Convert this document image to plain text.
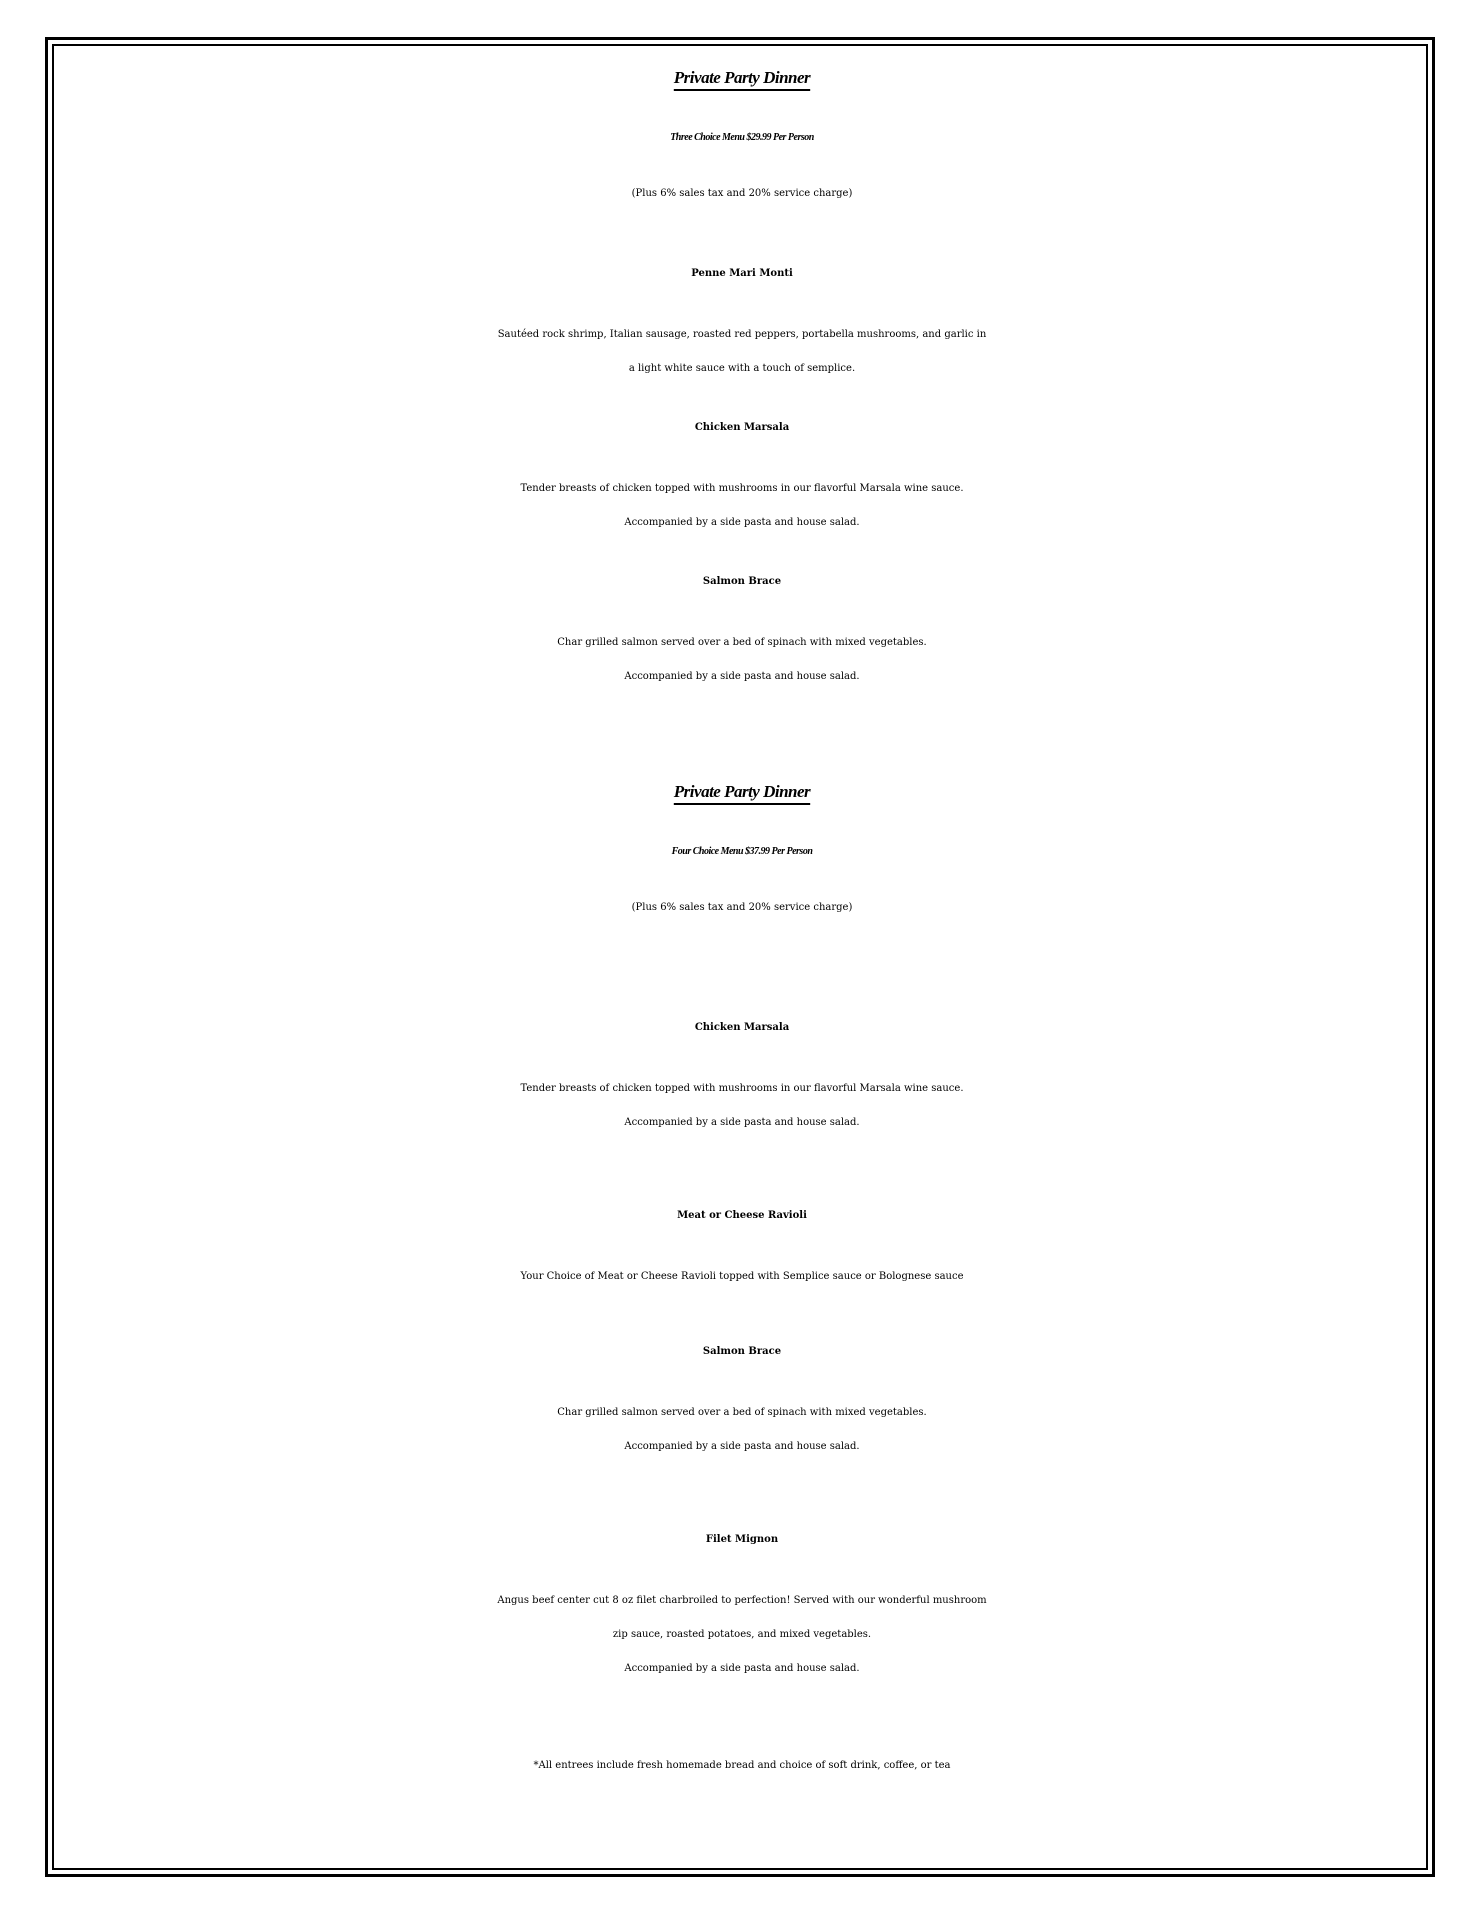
Private Party Dinner
Three Choice Menu $29.99 Per Person
(Plus 6% sales tax and 20% service charge)
Penne Mari Monti
Sautéed rock shrimp, Italian sausage, roasted red peppers, portabella mushrooms, and garlic in
a light white sauce with a touch of semplice.
Chicken Marsala
Tender breasts of chicken topped with mushrooms in our flavorful Marsala wine sauce.
Accompanied by a side pasta and house salad.
Salmon Brace
Char grilled salmon served over a bed of spinach with mixed vegetables.
Accompanied by a side pasta and house salad.
Private Party Dinner
Four Choice Menu $37.99 Per Person
(Plus 6% sales tax and 20% service charge)
Chicken Marsala
Tender breasts of chicken topped with mushrooms in our flavorful Marsala wine sauce.
Accompanied by a side pasta and house salad.
Meat or Cheese Ravioli
Your Choice of Meat or Cheese Ravioli topped with Semplice sauce or Bolognese sauce
Salmon Brace
Char grilled salmon served over a bed of spinach with mixed vegetables.
Accompanied by a side pasta and house salad.
Filet Mignon
Angus beef center cut 8 oz filet charbroiled to perfection! Served with our wonderful mushroom
zip sauce, roasted potatoes, and mixed vegetables.
Accompanied by a side pasta and house salad.
*All entrees include fresh homemade bread and choice of soft drink, coffee, or tea
